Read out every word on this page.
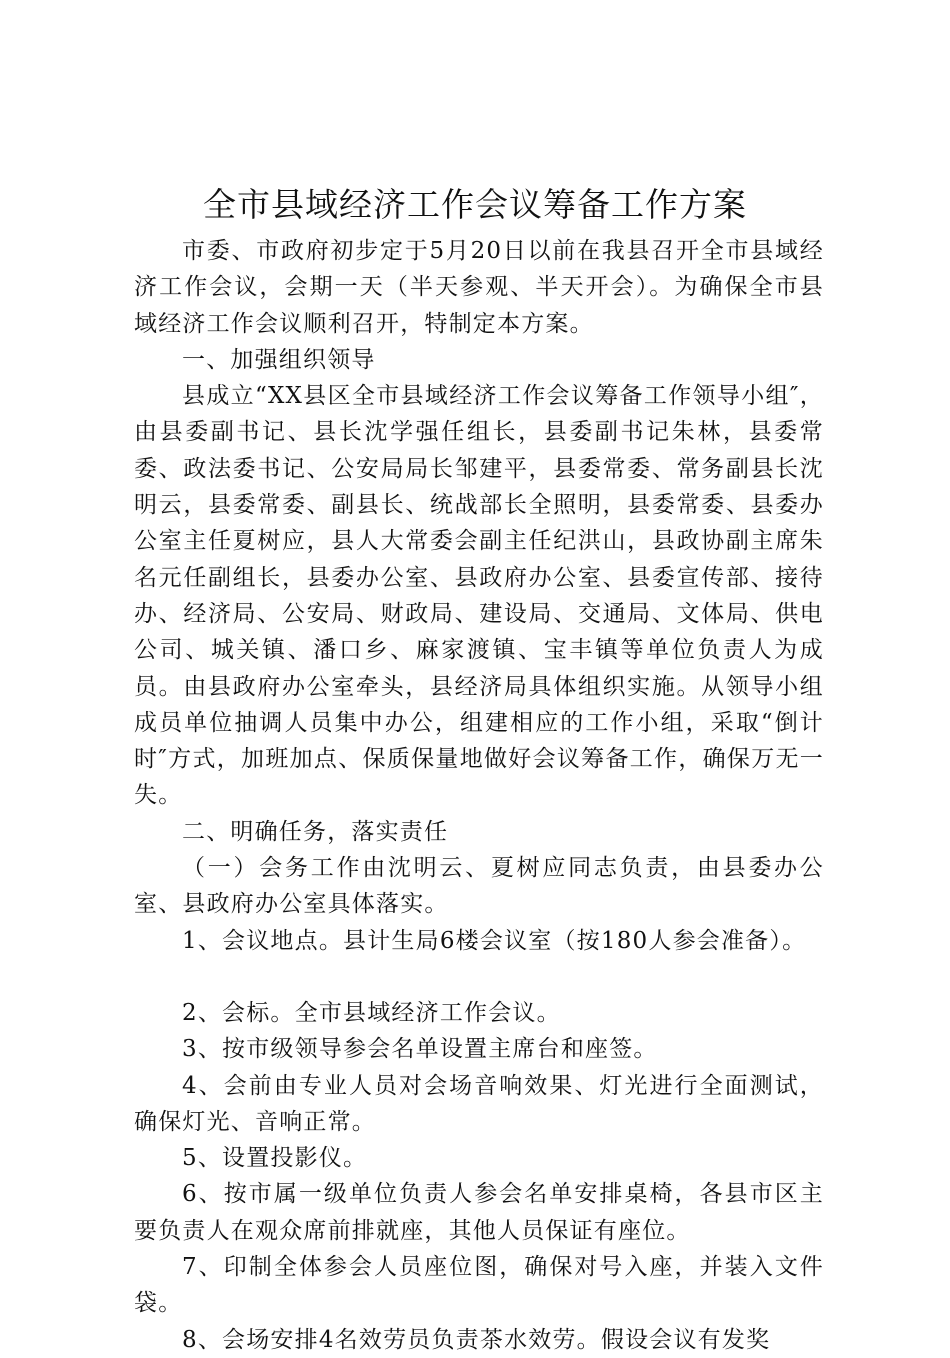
全市县域经济工作会议筹备工作方案

市委、市政府初步定于5月20日以前在我县召开全市县域经济工作会议，会期一天（半天参观、半天开会）。为确保全市县域经济工作会议顺利召开，特制定本方案。

一、加强组织领导

县成立“XX县区全市县域经济工作会议筹备工作领导小组″，由县委副书记、县长沈学强任组长，县委副书记朱林，县委常委、政法委书记、公安局局长邹建平，县委常委、常务副县长沈明云，县委常委、副县长、统战部长全照明，县委常委、县委办公室主任夏树应，县人大常委会副主任纪洪山，县政协副主席朱名元任副组长，县委办公室、县政府办公室、县委宣传部、接待办、经济局、公安局、财政局、建设局、交通局、文体局、供电公司、城关镇、潘口乡、麻家渡镇、宝丰镇等单位负责人为成员。由县政府办公室牵头，县经济局具体组织实施。从领导小组成员单位抽调人员集中办公，组建相应的工作小组，采取“倒计时″方式，加班加点、保质保量地做好会议筹备工作，确保万无一失。

二、明确任务，落实责任

（一）会务工作由沈明云、夏树应同志负责，由县委办公室、县政府办公室具体落实。

1、会议地点。县计生局6楼会议室（按180人参会准备）。

2、会标。全市县域经济工作会议。

3、按市级领导参会名单设置主席台和座签。

4、会前由专业人员对会场音响效果、灯光进行全面测试，确保灯光、音响正常。

5、设置投影仪。

6、按市属一级单位负责人参会名单安排桌椅，各县市区主要负责人在观众席前排就座，其他人员保证有座位。

7、印制全体参会人员座位图，确保对号入座，并装入文件袋。

8、会场安排4名效劳员负责茶水效劳。假设会议有发奖
